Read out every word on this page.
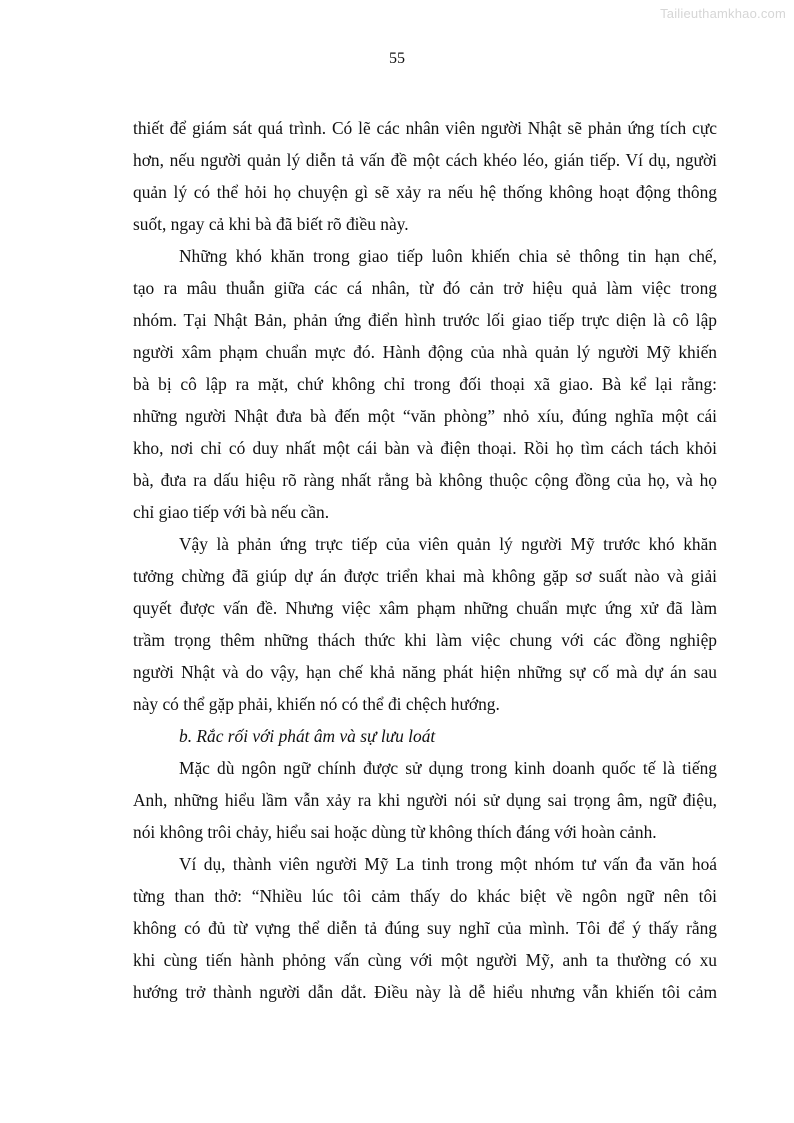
Tailieuthamkhao.com
55
thiết để giám sát quá trình. Có lẽ các nhân viên người Nhật sẽ phản ứng tích cực
hơn, nếu người quản lý diễn tả vấn đề một cách khéo léo, gián tiếp. Ví dụ, người
quản lý có thể hỏi họ chuyện gì sẽ xảy ra nếu hệ thống không hoạt động thông
suốt, ngay cả khi bà đã biết rõ điều này.
Những khó khăn trong giao tiếp luôn khiến chia sẻ thông tin hạn chế,
tạo ra mâu thuẫn giữa các cá nhân, từ đó cản trở hiệu quả làm việc trong
nhóm. Tại Nhật Bản, phản ứng điển hình trước lối giao tiếp trực diện là cô lập
người xâm phạm chuẩn mực đó. Hành động của nhà quản lý người Mỹ khiến
bà bị cô lập ra mặt, chứ không chỉ trong đối thoại xã giao. Bà kể lại rằng:
những người Nhật đưa bà đến một “văn phòng” nhỏ xíu, đúng nghĩa một cái
kho, nơi chỉ có duy nhất một cái bàn và điện thoại. Rồi họ tìm cách tách khỏi
bà, đưa ra dấu hiệu rõ ràng nhất rằng bà không thuộc cộng đồng của họ, và họ
chỉ giao tiếp với bà nếu cần.
Vậy là phản ứng trực tiếp của viên quản lý người Mỹ trước khó khăn
tưởng chừng đã giúp dự án được triển khai mà không gặp sơ suất nào và giải
quyết được vấn đề. Nhưng việc xâm phạm những chuẩn mực ứng xử đã làm
trầm trọng thêm những thách thức khi làm việc chung với các đồng nghiệp
người Nhật và do vậy, hạn chế khả năng phát hiện những sự cố mà dự án sau
này có thể gặp phải, khiến nó có thể đi chệch hướng.
b. Rắc rối với phát âm và sự lưu loát
Mặc dù ngôn ngữ chính được sử dụng trong kinh doanh quốc tế là tiếng
Anh, những hiểu lầm vẫn xảy ra khi người nói sử dụng sai trọng âm, ngữ điệu,
nói không trôi chảy, hiểu sai hoặc dùng từ không thích đáng với hoàn cảnh.
Ví dụ, thành viên người Mỹ La tinh trong một nhóm tư vấn đa văn hoá
từng than thở: “Nhiều lúc tôi cảm thấy do khác biệt về ngôn ngữ nên tôi
không có đủ từ vựng thể diễn tả đúng suy nghĩ của mình. Tôi để ý thấy rằng
khi cùng tiến hành phỏng vấn cùng với một người Mỹ, anh ta thường có xu
hướng trở thành người dẫn dắt. Điều này là dễ hiểu nhưng vẫn khiến tôi cảm
